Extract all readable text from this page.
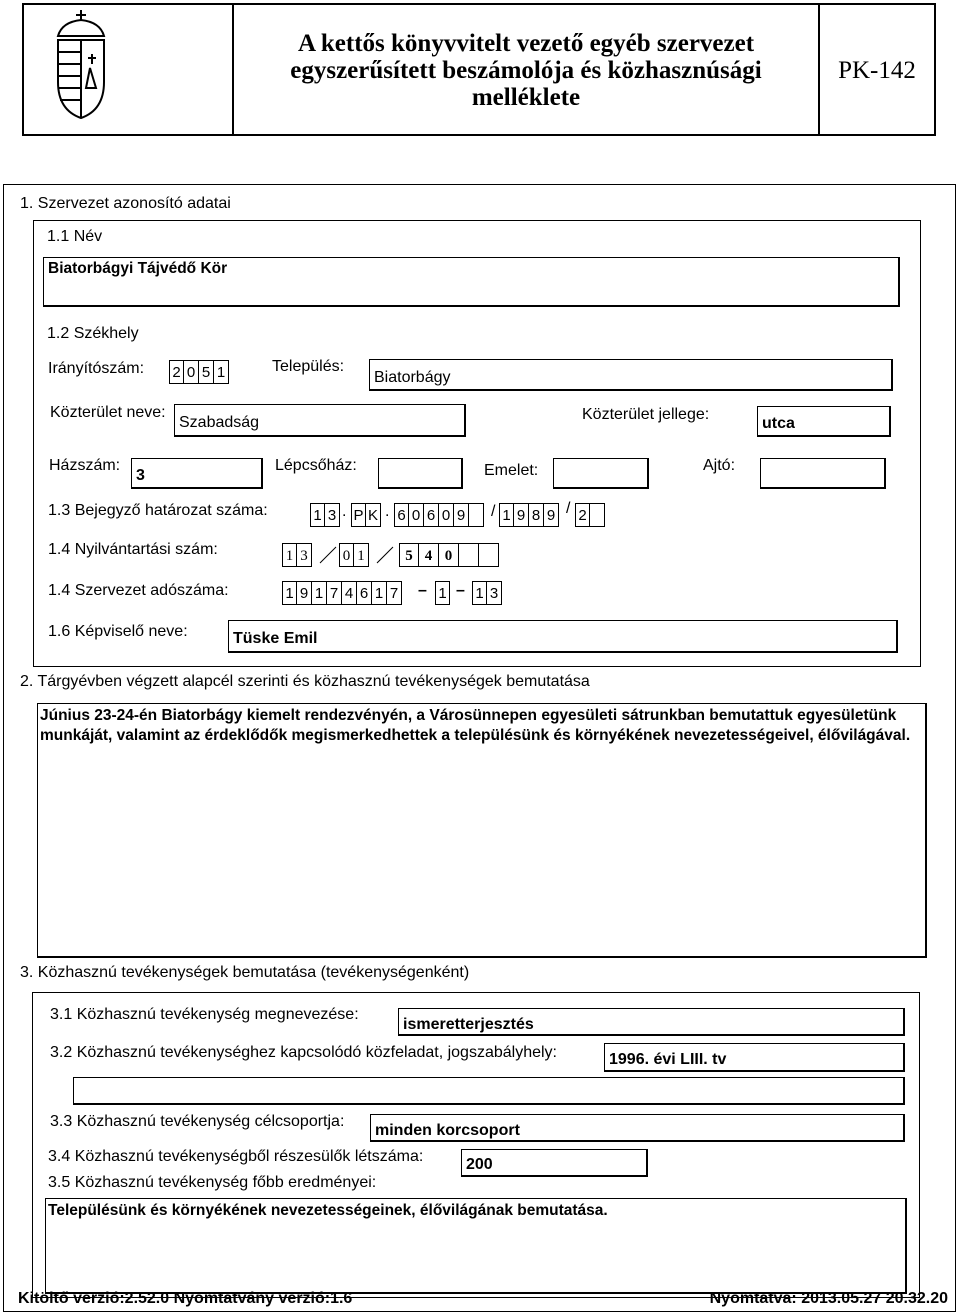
A kettős könyvvitelt vezető egyéb szervezet
egyszerűsített beszámolója és közhasznúsági melléklete
PK-142
1. Szervezet azonosító adatai
1.1 Név
Biatorbágyi Tájvédő Kör
1.2 Székhely
Irányítószám: 2 0 5 1	Település:
Biatorbágy
Közterület neve:
Szabadság	Közterület jellege:
utca
Házszám:
3
Lépcsőház:	Emelet:	Ajtó:
1.3 Bejegyző határozat száma:	1 3 . P K . 6 0 6 0 9 / 1 9 8 9 / 2
1.4 Nyilvántartási szám:	1 3 0 1	5 4 0
1.4 Szervezet adószáma:	1 9 1 7 4 6 1 7 – 1 – 1 3
1.6 Képviselő neve:	Tüske Emil
2. Tárgyévben végzett alapcél szerinti és közhasznú tevékenységek bemutatása
Június 23-24-én Biatorbágy kiemelt rendezvényén, a Városünnepen egyesületi sátrunkban bemutattuk egyesületünk munkáját, valamint az érdeklődők megismerkedhettek a településünk és környékének nevezetességeivel, élővilágával.
3. Közhasznú tevékenységek bemutatása (tevékenységenként)
3.1 Közhasznú tevékenység megnevezése:
ismeretterjesztés
3.2 Közhasznú tevékenységhez kapcsolódó közfeladat, jogszabályhely:	1996. évi LIII. tv
3.3 Közhasznú tevékenység célcsoportja:
minden korcsoport
3.4 Közhasznú tevékenységből részesülők létszáma:	200
3.5 Közhasznú tevékenység főbb eredményei:
Településünk és környékének nevezetességeinek, élővilágának bemutatása.
Kitöltő verzió:2.52.0 Nyomtatvány verzió:1.6	Nyomtatva: 2013.05.27 20.32.20
